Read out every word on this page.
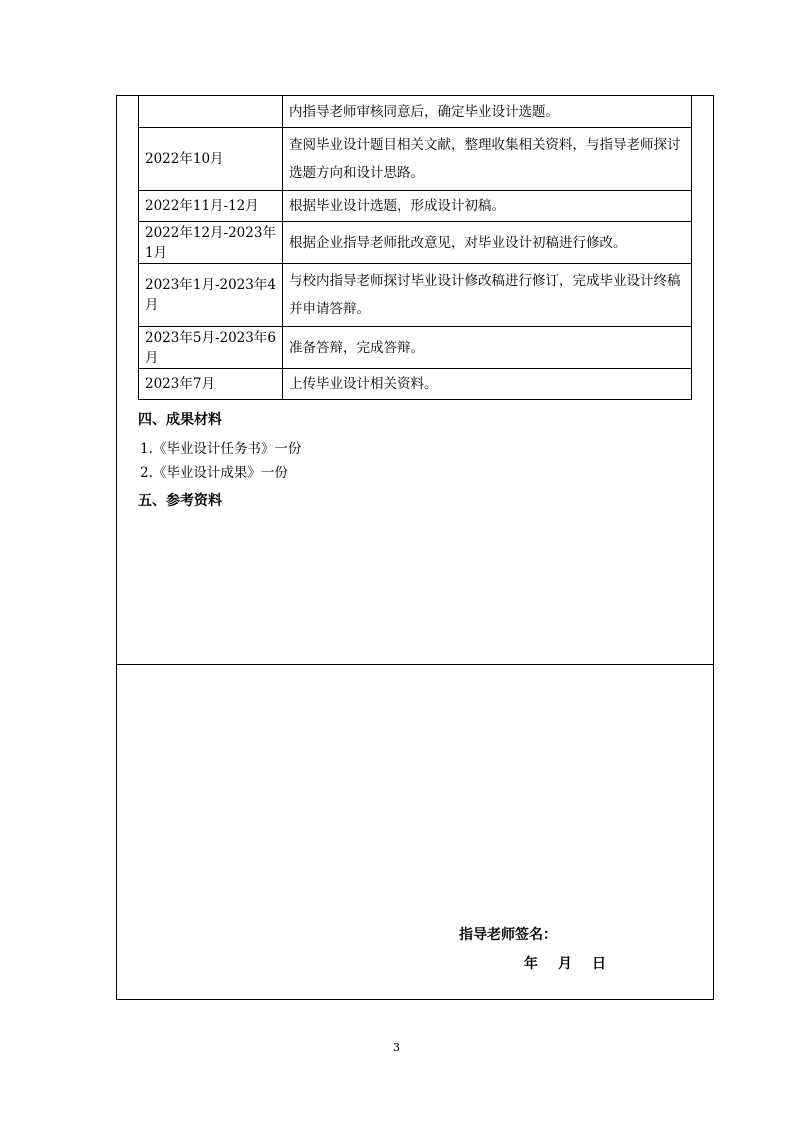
	内指导老师审核同意后，确定毕业设计选题。
2022年10月	查阅毕业设计题目相关文献，整理收集相关资料，与指导老师探讨选题方向和设计思路。
2022年11月-12月	根据毕业设计选题，形成设计初稿。
2022年12月-2023年1月	根据企业指导老师批改意见，对毕业设计初稿进行修改。
2023年1月-2023年4月	与校内指导老师探讨毕业设计修改稿进行修订，完成毕业设计终稿并申请答辩。
2023年5月-2023年6月	准备答辩，完成答辩。
2023年7月	上传毕业设计相关资料。
四、成果材料
1.《毕业设计任务书》一份
2.《毕业设计成果》一份
五、参考资料
指导老师签名：
年 月 日
3
